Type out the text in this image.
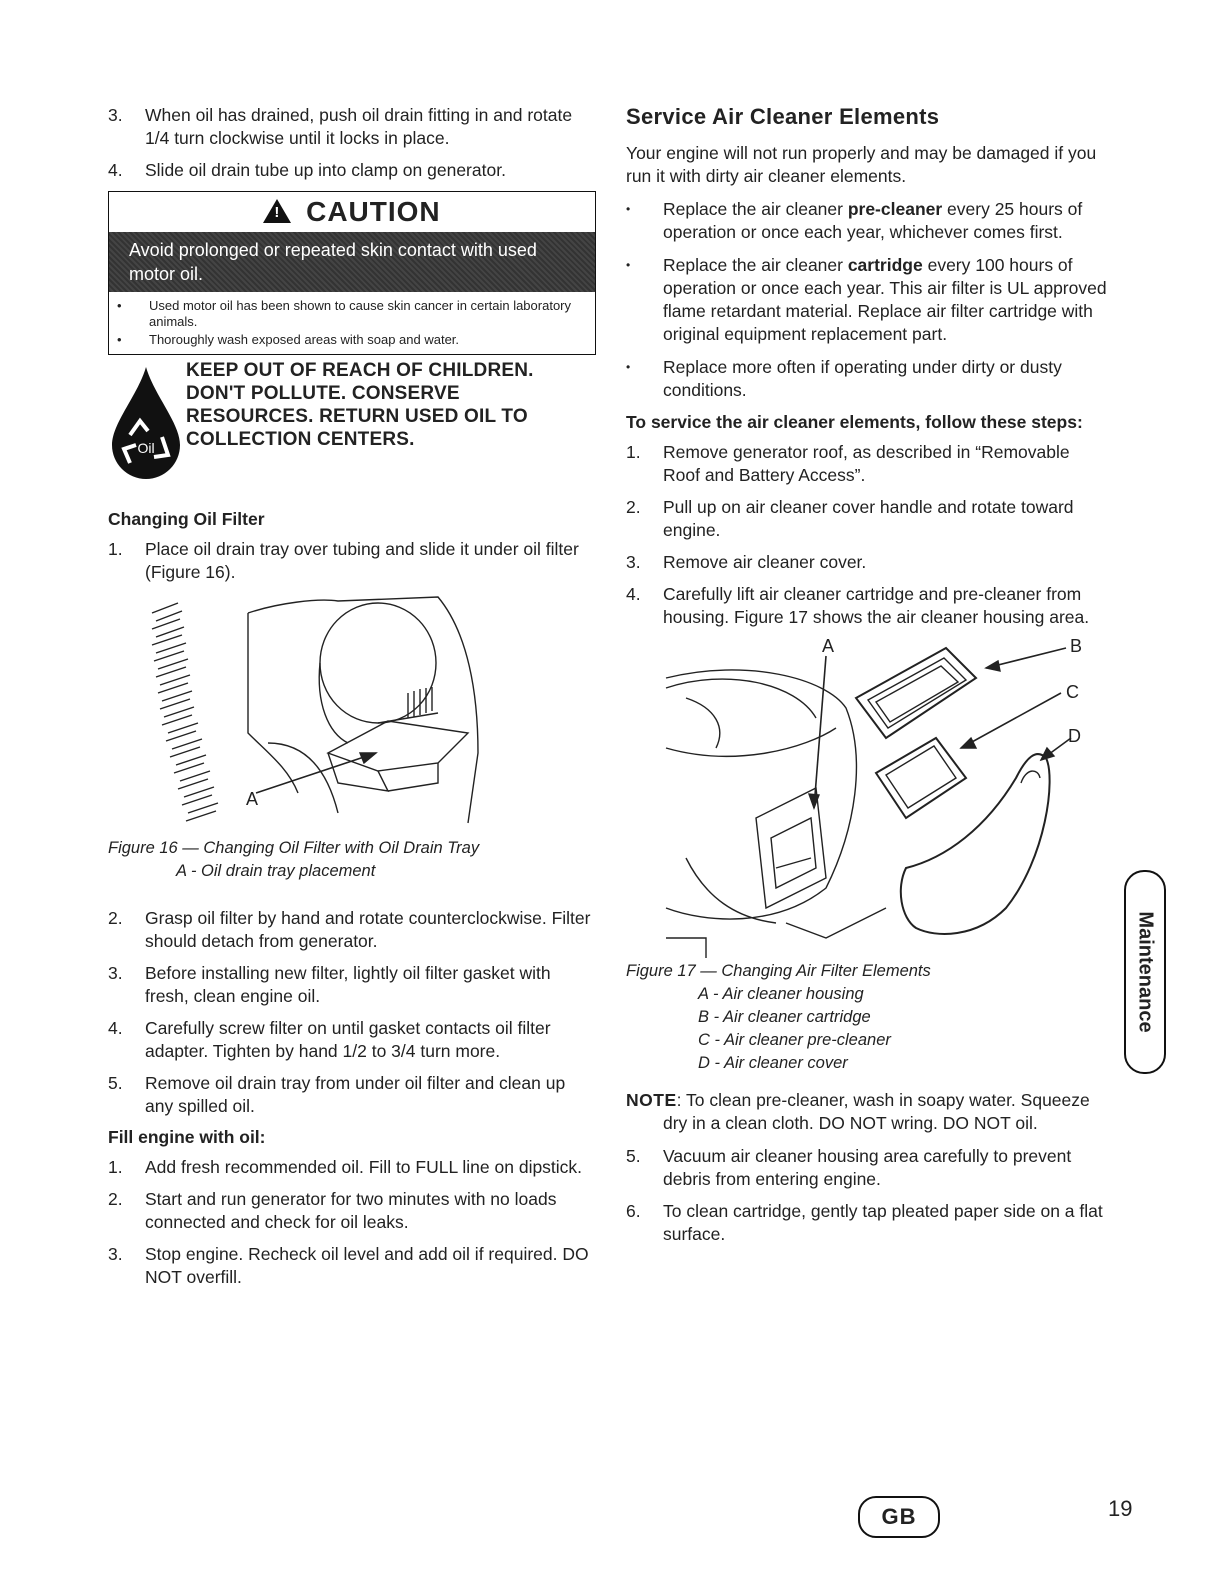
3. When oil has drained, push oil drain fitting in and rotate 1/4 turn clockwise until it locks in place.
4. Slide oil drain tube up into clamp on generator.
! CAUTION
Avoid prolonged or repeated skin contact with used motor oil.
• Used motor oil has been shown to cause skin cancer in certain laboratory animals.
• Thoroughly wash exposed areas with soap and water.
Oil
KEEP OUT OF REACH OF CHILDREN.
DON'T POLLUTE. CONSERVE
RESOURCES. RETURN USED OIL TO
COLLECTION CENTERS.
Changing Oil Filter
1. Place oil drain tray over tubing and slide it under oil filter (Figure 16).
A
Figure 16 — Changing Oil Filter with Oil Drain Tray
A - Oil drain tray placement
2. Grasp oil filter by hand and rotate counterclockwise. Filter should detach from generator.
3. Before installing new filter, lightly oil filter gasket with fresh, clean engine oil.
4. Carefully screw filter on until gasket contacts oil filter adapter. Tighten by hand 1/2 to 3/4 turn more.
5. Remove oil drain tray from under oil filter and clean up any spilled oil.
Fill engine with oil:
1. Add fresh recommended oil. Fill to FULL line on dipstick.
2. Start and run generator for two minutes with no loads connected and check for oil leaks.
3. Stop engine. Recheck oil level and add oil if required. DO NOT overfill.
Service Air Cleaner Elements

Your engine will not run properly and may be damaged if you run it with dirty air cleaner elements.

• Replace the air cleaner pre-cleaner every 25 hours of operation or once each year, whichever comes first.
• Replace the air cleaner cartridge every 100 hours of operation or once each year. This air filter is UL approved flame retardant material. Replace air filter cartridge with original equipment replacement part.
• Replace more often if operating under dirty or dusty conditions.
To service the air cleaner elements, follow these steps:
1. Remove generator roof, as described in “Removable Roof and Battery Access”.
2. Pull up on air cleaner cover handle and rotate toward engine.
3. Remove air cleaner cover.
4. Carefully lift air cleaner cartridge and pre-cleaner from housing. Figure 17 shows the air cleaner housing area.
A	B
C
D
Figure 17 — Changing Air Filter Elements
A - Air cleaner housing
B - Air cleaner cartridge
C - Air cleaner pre-cleaner
D - Air cleaner cover

NOTE: To clean pre-cleaner, wash in soapy water. Squeeze dry in a clean cloth. DO NOT wring. DO NOT oil.

5. Vacuum air cleaner housing area carefully to prevent debris from entering engine.
6. To clean cartridge, gently tap pleated paper side on a flat surface.
Maintenance
GB	19
